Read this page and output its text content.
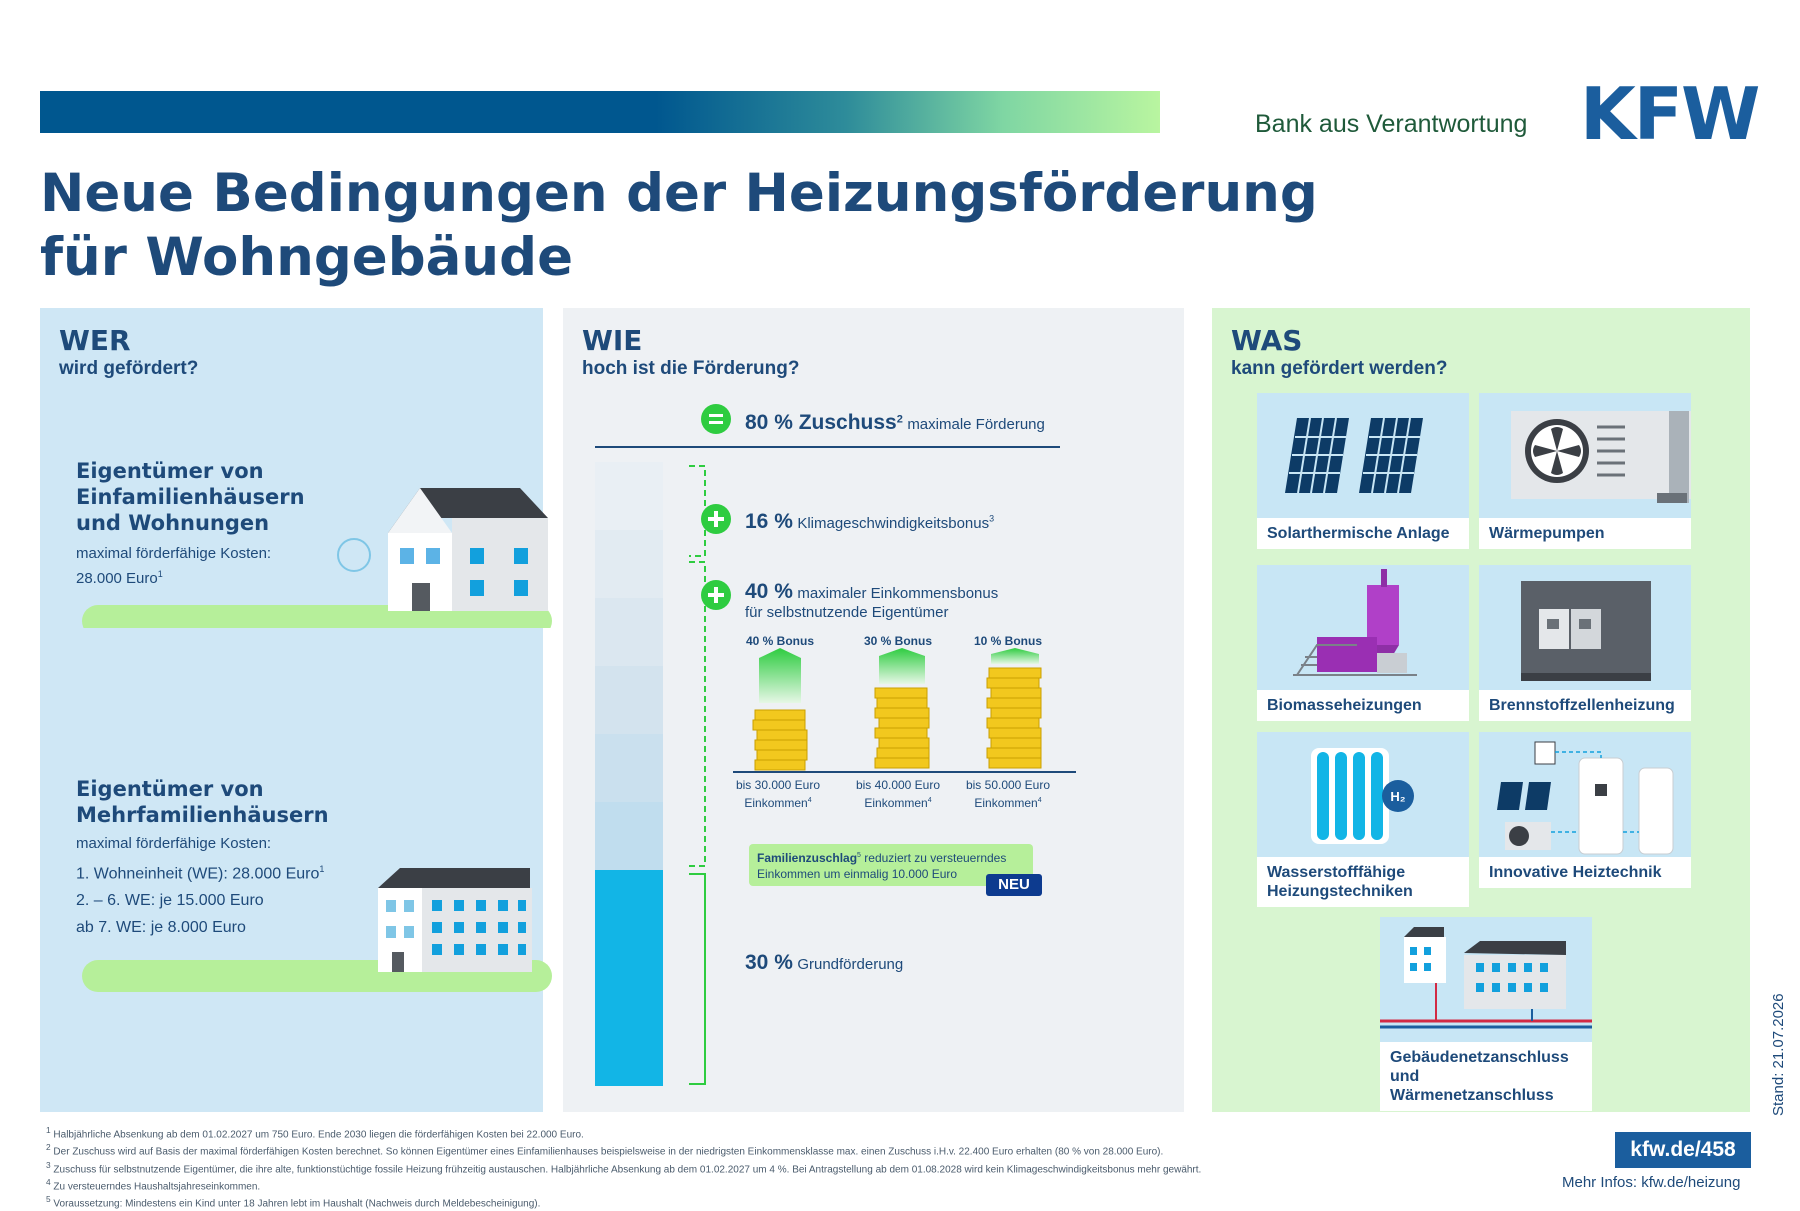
Bank aus Verantwortung KFW
Neue Bedingungen der Heizungsförderung
für Wohngebäude
WER
wird gefördert?
Eigentümer von
Einfamilienhäusern
und Wohnungen
maximal förderfähige Kosten:
28.000 Euro$^1$
Eigentümer von
Mehrfamilienhäusern
maximal förderfähige Kosten:
1. Wohneinheit (WE): 28.000 Euro$^1$
2. – 6. WE: je 15.000 Euro
ab 7. WE: je 8.000 Euro
WIE
hoch ist die Förderung?
80 % Zuschuss$^2$ maximale Förderung
16 % Klimageschwindigkeitsbonus$^3$
40 % maximaler Einkommensbonus
für selbstnutzende Eigentümer
40 % Bonus	30 % Bonus	10 % Bonus
bis 30.000 Euro
Einkommen$^4$
bis 40.000 Euro
Einkommen$^4$
bis 50.000 Euro
Einkommen$^4$
Familienzuschlag$^5$ reduziert zu versteuerndes
Einkommen um einmalig 10.000 Euro
NEU
30 % Grundförderung
WAS
kann gefördert werden?
Solarthermische Anlage	Wärmepumpen
Biomasseheizungen	Brennstoffzellenheizung
H₂
Wasserstofffähige
Heizungstechniken
Innovative Heiztechnik
Gebäudenetzanschluss
und Wärmenetzanschluss	Stand: 21.07.2026
$^1$ Halbjährliche Absenkung ab dem 01.02.2027 um 750 Euro. Ende 2030 liegen die förderfähigen Kosten bei 22.000 Euro.
$^2$ Der Zuschuss wird auf Basis der maximal förderfähigen Kosten berechnet. So können Eigentümer eines Einfamilienhauses beispielsweise in der niedrigsten Einkommensklasse max. einen Zuschuss i.H.v. 22.400 Euro erhalten (80 % von 28.000 Euro).
$^3$ Zuschuss für selbstnutzende Eigentümer, die ihre alte, funktionstüchtige fossile Heizung frühzeitig austauschen. Halbjährliche Absenkung ab dem 01.02.2027 um 4 %. Bei Antragstellung ab dem 01.08.2028 wird kein Klimageschwindigkeitsbonus mehr gewährt.
$^4$ Zu versteuerndes Haushaltsjahreseinkommen.
$^5$ Voraussetzung: Mindestens ein Kind unter 18 Jahren lebt im Haushalt (Nachweis durch Meldebescheinigung).
kfw.de/458
Mehr Infos: kfw.de/heizung
